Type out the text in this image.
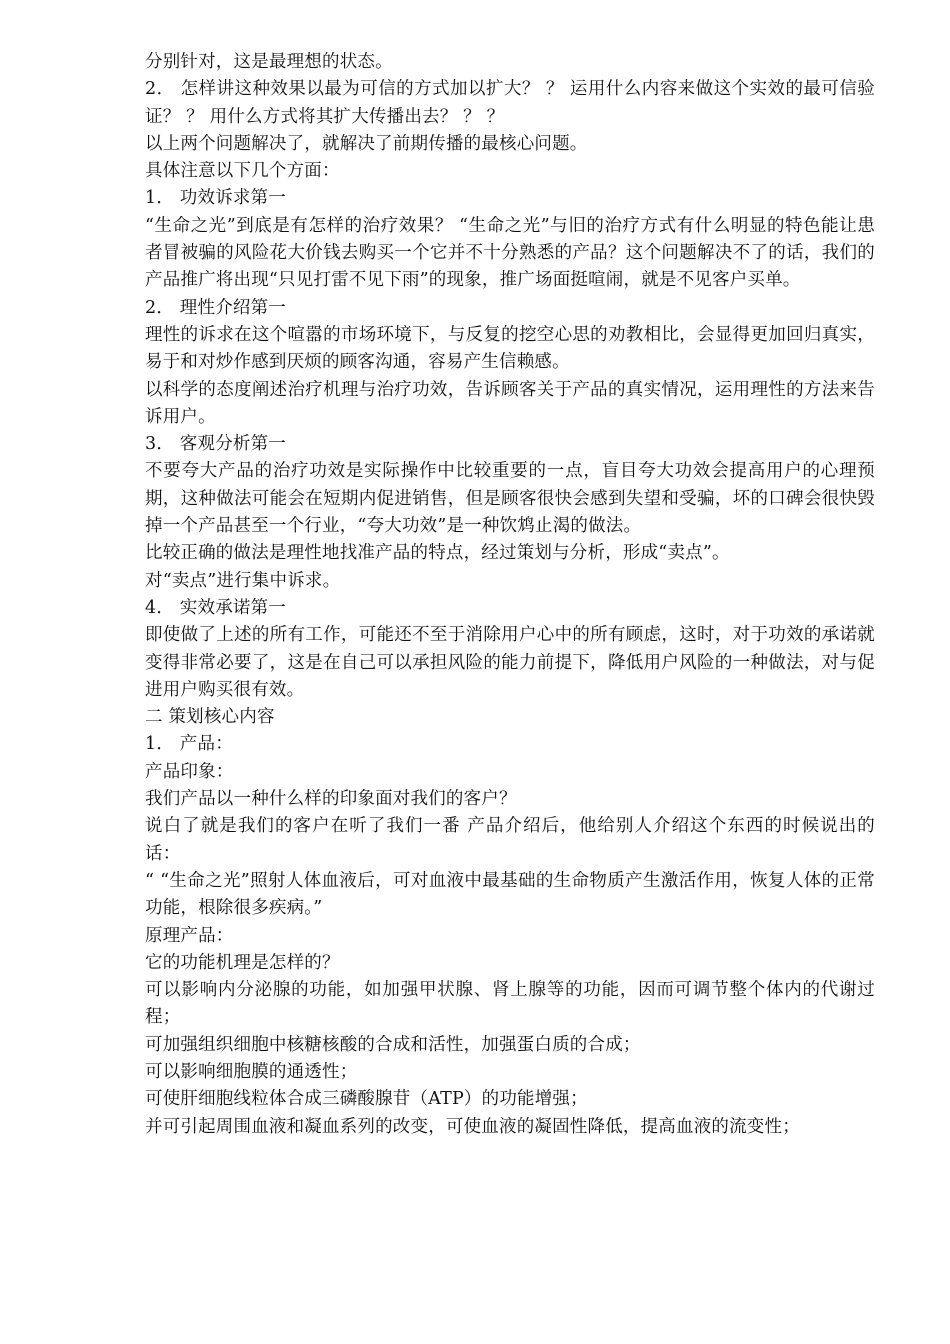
分别针对，这是最理想的状态。

2． 怎样讲这种效果以最为可信的方式加以扩大？ ？ 运用什么内容来做这个实效的最可信验证？ ？ 用什么方式将其扩大传播出去？ ？ ？

以上两个问题解决了，就解决了前期传播的最核心问题。

具体注意以下几个方面：

1． 功效诉求第一

“生命之光”到底是有怎样的治疗效果？ “生命之光”与旧的治疗方式有什么明显的特色能让患者冒被骗的风险花大价钱去购买一个它并不十分熟悉的产品？这个问题解决不了的话，我们的产品推广将出现“只见打雷不见下雨”的现象，推广场面挺喧闹，就是不见客户买单。

2． 理性介绍第一

理性的诉求在这个喧嚣的市场环境下，与反复的挖空心思的劝教相比，会显得更加回归真实，易于和对炒作感到厌烦的顾客沟通，容易产生信赖感。

以科学的态度阐述治疗机理与治疗功效，告诉顾客关于产品的真实情况，运用理性的方法来告诉用户。

3． 客观分析第一

不要夸大产品的治疗功效是实际操作中比较重要的一点，盲目夸大功效会提高用户的心理预期，这种做法可能会在短期内促进销售，但是顾客很快会感到失望和受骗，坏的口碑会很快毁掉一个产品甚至一个行业，“夸大功效”是一种饮鸩止渴的做法。

比较正确的做法是理性地找准产品的特点，经过策划与分析，形成“卖点”。

对“卖点”进行集中诉求。

4． 实效承诺第一

即使做了上述的所有工作，可能还不至于消除用户心中的所有顾虑，这时，对于功效的承诺就变得非常必要了，这是在自己可以承担风险的能力前提下，降低用户风险的一种做法，对与促进用户购买很有效。

二 策划核心内容

1． 产品：

产品印象：

我们产品以一种什么样的印象面对我们的客户？

说白了就是我们的客户在听了我们一番 产品介绍后，他给别人介绍这个东西的时候说出的话：

“ “生命之光”照射人体血液后，可对血液中最基础的生命物质产生激活作用，恢复人体的正常功能，根除很多疾病。”

原理产品：

它的功能机理是怎样的？

可以影响内分泌腺的功能，如加强甲状腺、肾上腺等的功能，因而可调节整个体内的代谢过程；

可加强组织细胞中核糖核酸的合成和活性，加强蛋白质的合成；

可以影响细胞膜的通透性；

可使肝细胞线粒体合成三磷酸腺苷（ATP）的功能增强；

并可引起周围血液和凝血系列的改变，可使血液的凝固性降低，提高血液的流变性；
